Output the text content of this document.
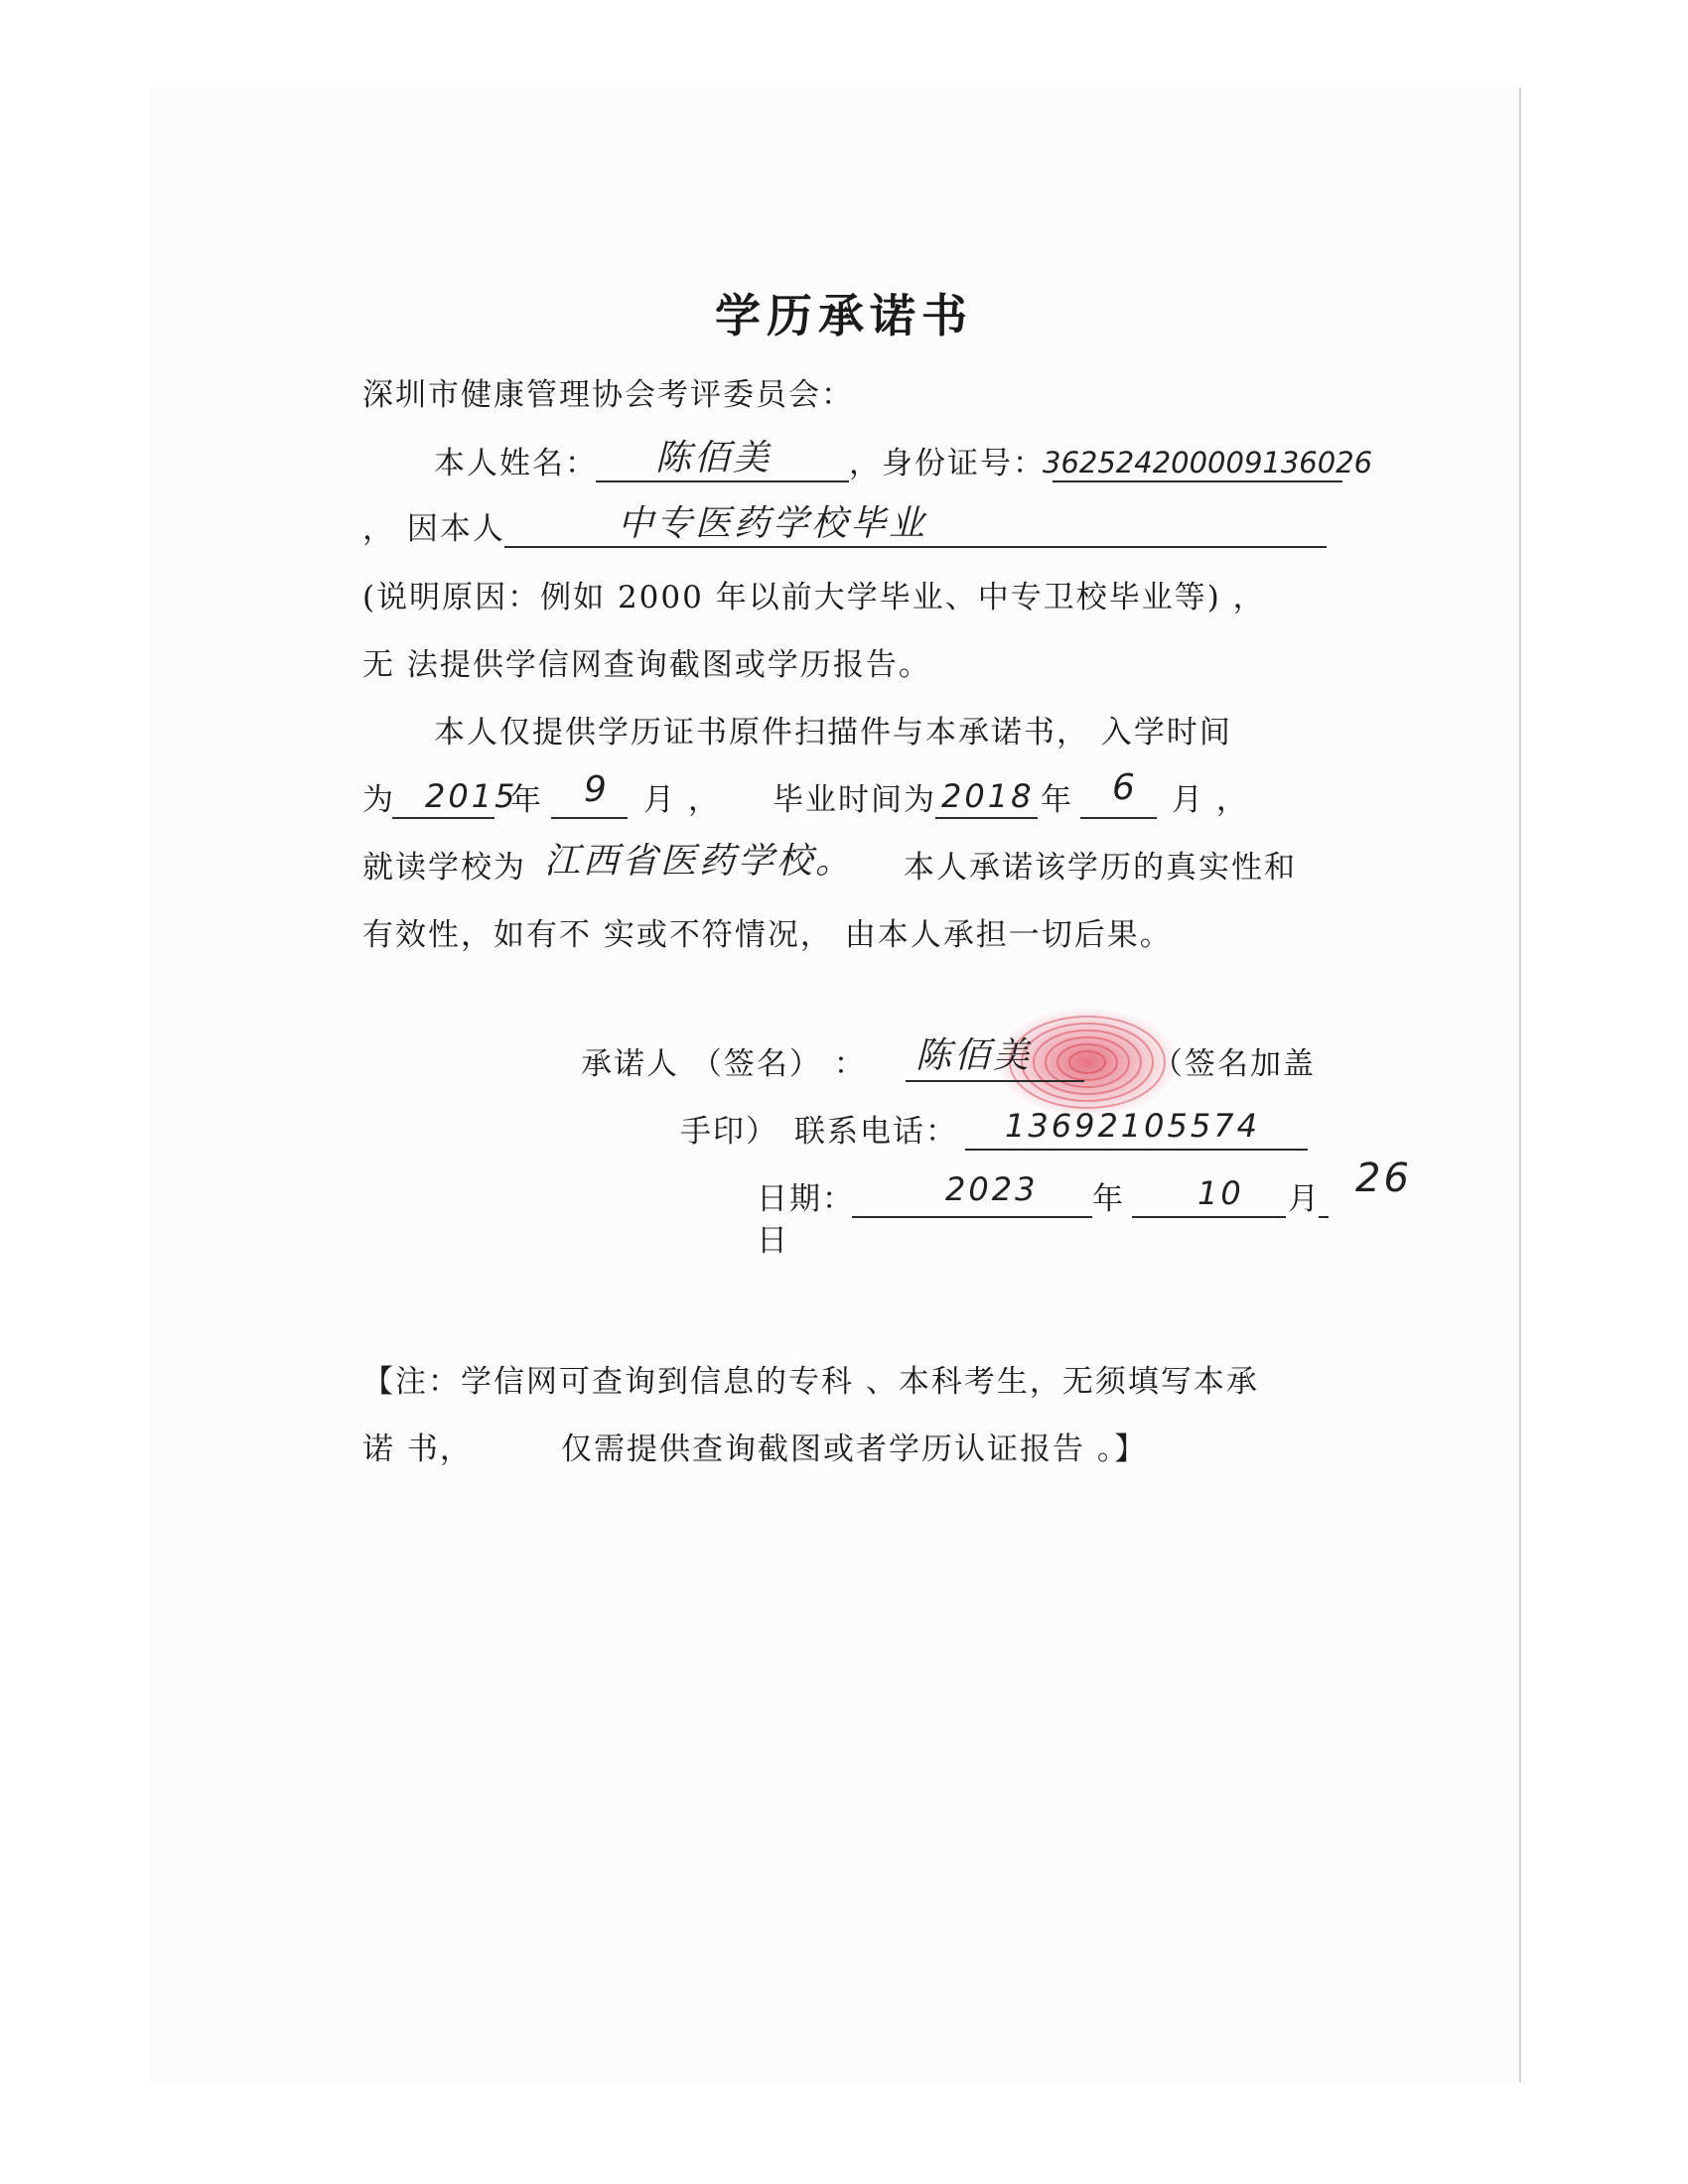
学历承诺书
深圳市健康管理协会考评委员会：
本人姓名： 陈佰美	，身份证号：
362524200009136026
， 因本人	中专医药学校毕业
(说明原因：例如 2000 年以前大学毕业、中专卫校毕业等) ，
无 法提供学信网查询截图或学历报告。
本人仅提供学历证书原件扫描件与本承诺书， 入学时间
为 2015
年 9 月 ， 毕业时间为 2018 年 6 月 ，
就读学校为 江西省医药学校。 本人承诺该学历的真实性和
有效性，如有不 实或不符情况， 由本人承担一切后果。
承诺人 （签名） ： 陈佰美	（签名加盖
手印） 联系电话： 13692105574
日期：	2023 年 10 月 26
日
【注：学信网可查询到信息的专科 、本科考生，无须填写本承
诺 书，	仅需提供查询截图或者学历认证报告 。】
